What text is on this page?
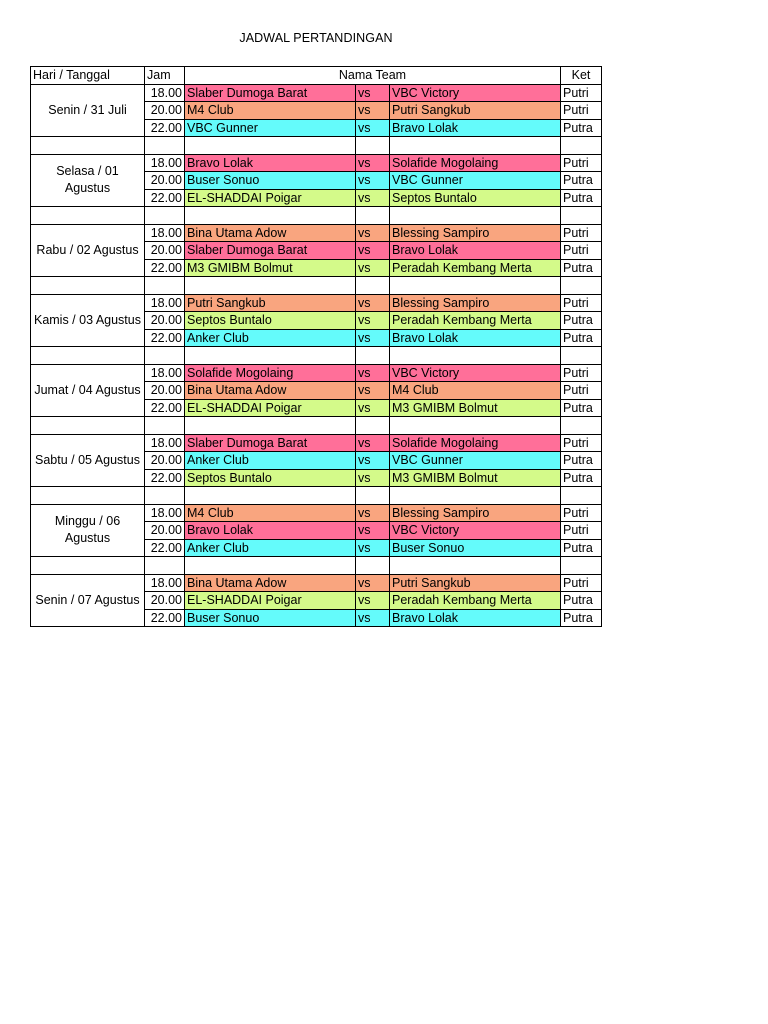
JADWAL PERTANDINGAN
Hari / Tanggal	Jam	Nama Team			Ket
Senin / 31 Juli	18.00	Slaber Dumoga Barat	vs	VBC Victory	Putri
	20.00	M4 Club	vs	Putri Sangkub	Putri
	22.00	VBC Gunner	vs	Bravo Lolak	Putra

Selasa / 01 Agustus	18.00	Bravo Lolak	vs	Solafide Mogolaing	Putri
	20.00	Buser Sonuo	vs	VBC Gunner	Putra
	22.00	EL-SHADDAI Poigar	vs	Septos Buntalo	Putra

Rabu / 02 Agustus	18.00	Bina Utama Adow	vs	Blessing Sampiro	Putri
	20.00	Slaber Dumoga Barat	vs	Bravo Lolak	Putri
	22.00	M3 GMIBM Bolmut	vs	Peradah Kembang Merta	Putra

Kamis / 03 Agustus	18.00	Putri Sangkub	vs	Blessing Sampiro	Putri
	20.00	Septos Buntalo	vs	Peradah Kembang Merta	Putra
	22.00	Anker Club	vs	Bravo Lolak	Putra

Jumat / 04 Agustus	18.00	Solafide Mogolaing	vs	VBC Victory	Putri
	20.00	Bina Utama Adow	vs	M4 Club	Putri
	22.00	EL-SHADDAI Poigar	vs	M3 GMIBM Bolmut	Putra

Sabtu / 05 Agustus	18.00	Slaber Dumoga Barat	vs	Solafide Mogolaing	Putri
	20.00	Anker Club	vs	VBC Gunner	Putra
	22.00	Septos Buntalo	vs	M3 GMIBM Bolmut	Putra

Minggu / 06 Agustus	18.00	M4 Club	vs	Blessing Sampiro	Putri
	20.00	Bravo Lolak	vs	VBC Victory	Putri
	22.00	Anker Club	vs	Buser Sonuo	Putra

Senin / 07 Agustus	18.00	Bina Utama Adow	vs	Putri Sangkub	Putri
	20.00	EL-SHADDAI Poigar	vs	Peradah Kembang Merta	Putra
	22.00	Buser Sonuo	vs	Bravo Lolak	Putra
